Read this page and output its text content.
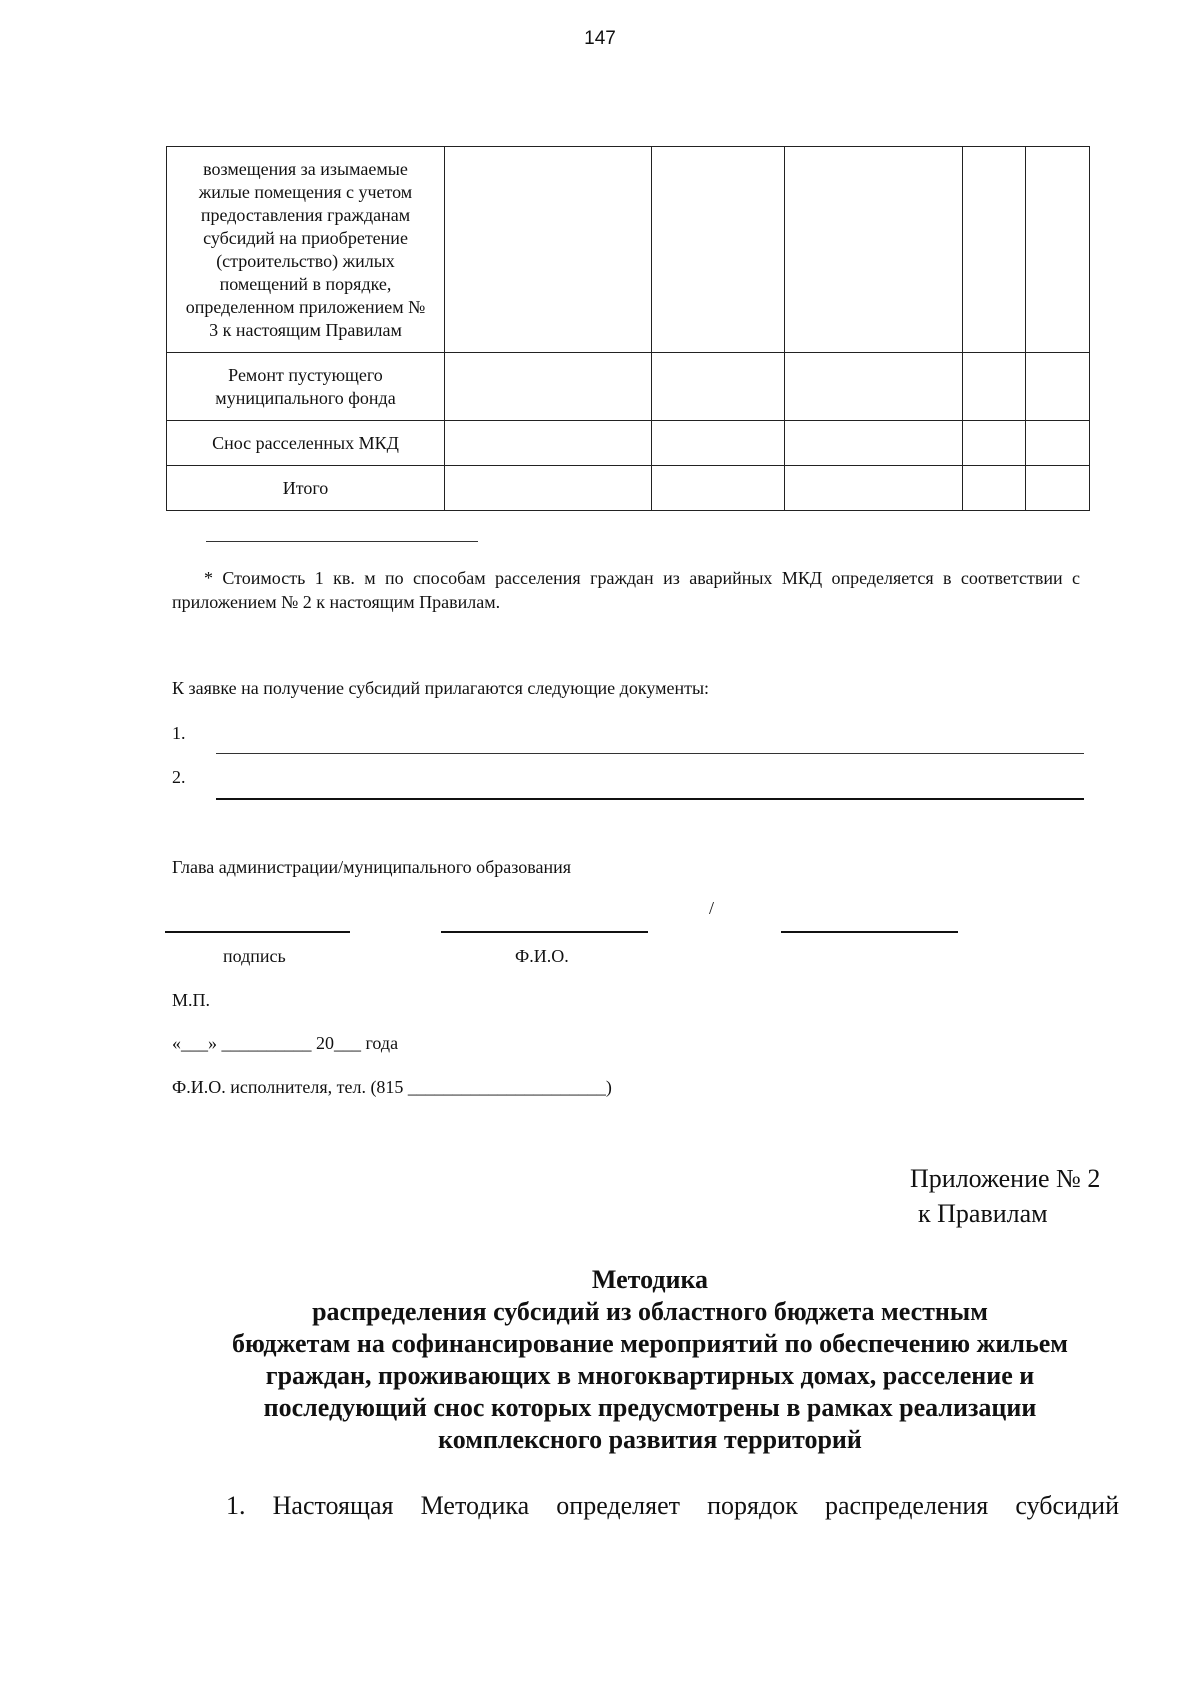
147
возмещения за изымаемые жилые помещения с учетом предоставления гражданам субсидий на приобретение (строительство) жилых помещений в порядке, определенном приложением № 3 к настоящим Правилам					

Ремонт пустующего муниципального фонда					

Снос расселенных МКД					
Итого					
* Стоимость 1 кв. м по способам расселения граждан из аварийных МКД определяется в соответствии с приложением № 2 к настоящим Правилам.
К заявке на получение субсидий прилагаются следующие документы:
1.
2.
Глава администрации/муниципального образования
/
подпись	Ф.И.О.
М.П.
«___» __________ 20___ года
Ф.И.О. исполнителя, тел. (815 ______________________)
Приложение № 2
к Правилам
Методика
распределения субсидий из областного бюджета местным
бюджетам на софинансирование мероприятий по обеспечению жильем
граждан, проживающих в многоквартирных домах, расселение и
последующий снос которых предусмотрены в рамках реализации
комплексного развития территорий
1. Настоящая Методика определяет порядок распределения субсидий
